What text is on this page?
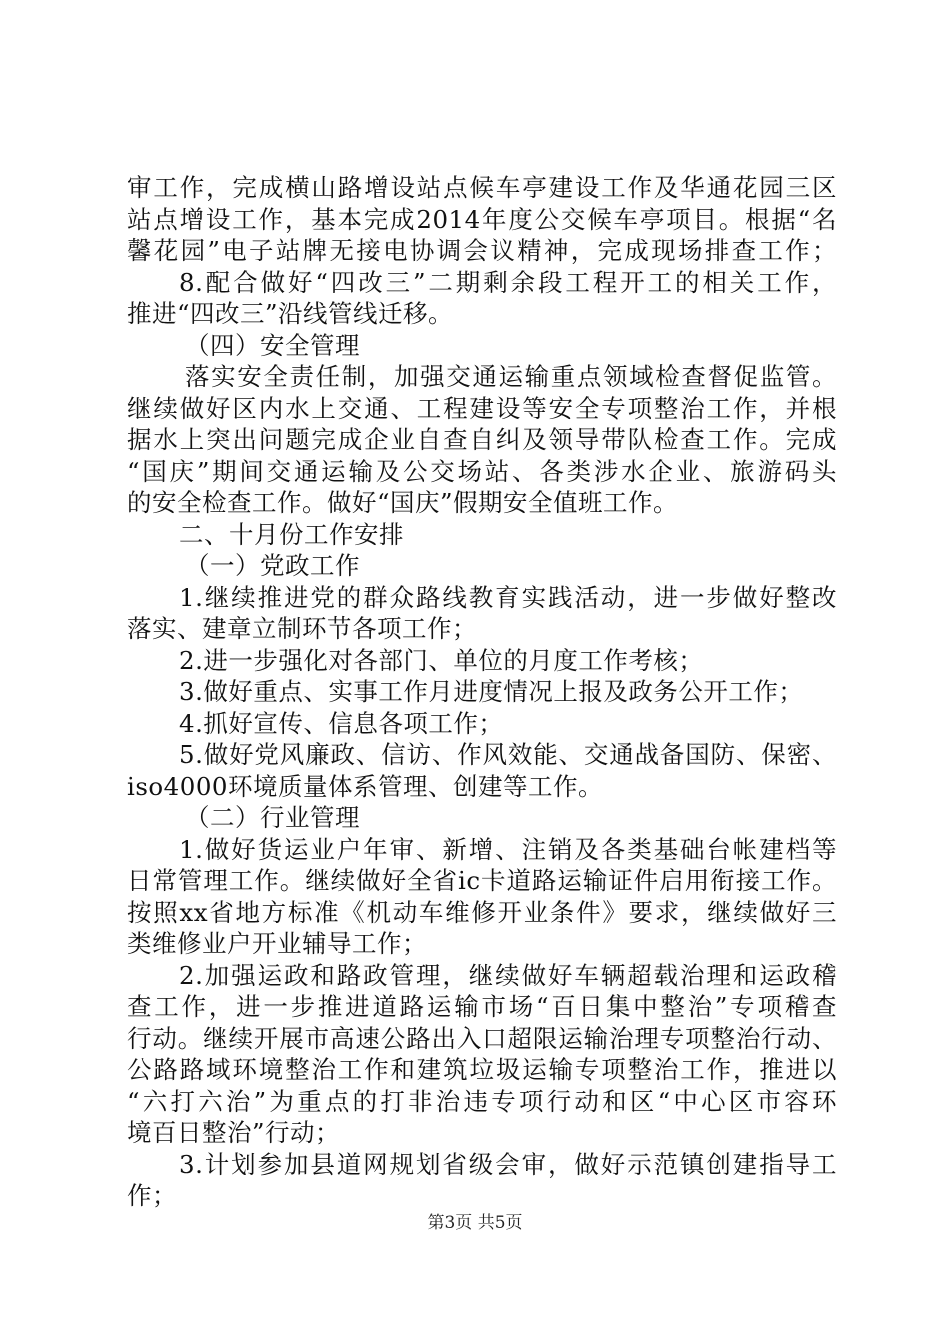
审工作，完成横山路增设站点候车亭建设工作及华通花园三区
站点增设工作，基本完成2014年度公交候车亭项目。根据“名
馨花园”电子站牌无接电协调会议精神，完成现场排查工作；
8.配合做好“四改三”二期剩余段工程开工的相关工作，
推进“四改三”沿线管线迁移。
（四）安全管理
落实安全责任制，加强交通运输重点领域检查督促监管。
继续做好区内水上交通、工程建设等安全专项整治工作，并根
据水上突出问题完成企业自查自纠及领导带队检查工作。完成
“国庆”期间交通运输及公交场站、各类涉水企业、旅游码头
的安全检查工作。做好“国庆”假期安全值班工作。
二、十月份工作安排
（一）党政工作
1.继续推进党的群众路线教育实践活动，进一步做好整改
落实、建章立制环节各项工作；
2.进一步强化对各部门、单位的月度工作考核；
3.做好重点、实事工作月进度情况上报及政务公开工作；
4.抓好宣传、信息各项工作；
5.做好党风廉政、信访、作风效能、交通战备国防、保密、
iso4000环境质量体系管理、创建等工作。
（二）行业管理
1.做好货运业户年审、新增、注销及各类基础台帐建档等
日常管理工作。继续做好全省ic卡道路运输证件启用衔接工作。
按照xx省地方标准《机动车维修开业条件》要求，继续做好三
类维修业户开业辅导工作；
2.加强运政和路政管理，继续做好车辆超载治理和运政稽
查工作，进一步推进道路运输市场“百日集中整治”专项稽查
行动。继续开展市高速公路出入口超限运输治理专项整治行动、
公路路域环境整治工作和建筑垃圾运输专项整治工作，推进以
“六打六治”为重点的打非治违专项行动和区“中心区市容环
境百日整治”行动；
3.计划参加县道网规划省级会审，做好示范镇创建指导工
作；
第3页 共5页
